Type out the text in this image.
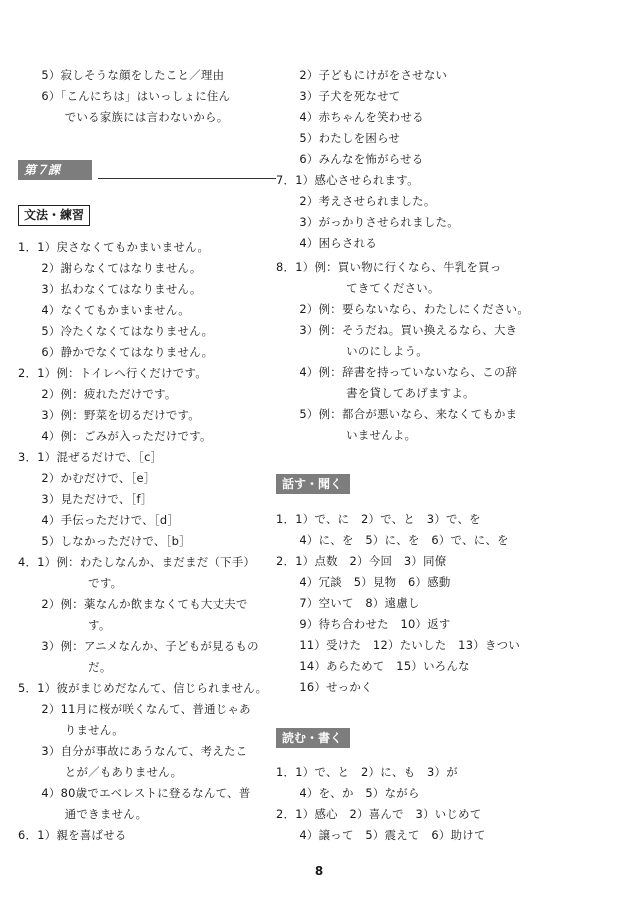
　　5）寂しそうな顔をしたこと／理由
　　6）「こんにちは」はいっしょに住ん
　　　　でいる家族には言わないから。
第７課
文法・練習
1．1）戻さなくてもかまいません。
　　2）謝らなくてはなりません。
　　3）払わなくてはなりません。
　　4）なくてもかまいません。
　　5）冷たくなくてはなりません。
　　6）静かでなくてはなりません。
2．1）例：トイレへ行くだけです。
　　2）例：疲れただけです。
　　3）例：野菜を切るだけです。
　　4）例：ごみが入っただけです。
3．1）混ぜるだけで、［c］
　　2）かむだけで、［e］
　　3）見ただけで、［f］
　　4）手伝っただけで、［d］
　　5）しなかっただけで、［b］
4．1）例：わたしなんか、まだまだ（下手）
　　　　　　です。
　　2）例：薬なんか飲まなくても大丈夫で
　　　　　　す。
　　3）例：アニメなんか、子どもが見るもの
　　　　　　だ。
5．1）彼がまじめだなんて、信じられません。
　　2）11月に桜が咲くなんて、普通じゃあ
　　　　りません。
　　3）自分が事故にあうなんて、考えたこ
　　　　とが／もありません。
　　4）80歳でエベレストに登るなんて、普
　　　　通できません。
6．1）親を喜ばせる
　　2）子どもにけがをさせない
　　3）子犬を死なせて
　　4）赤ちゃんを笑わせる
　　5）わたしを困らせ
　　6）みんなを怖がらせる
7．1）感心させられます。
　　2）考えさせられました。
　　3）がっかりさせられました。
　　4）困らされる
8．1）例：買い物に行くなら、牛乳を買っ
　　　　　　てきてください。
　　2）例：要らないなら、わたしにください。
　　3）例：そうだね。買い換えるなら、大き
　　　　　　いのにしよう。
　　4）例：辞書を持っていないなら、この辞
　　　　　　書を貸してあげますよ。
　　5）例：都合が悪いなら、来なくてもかま
　　　　　　いませんよ。
話す・聞く
1．1）で、に　2）で、と　3）で、を
　　4）に、を　5）に、を　6）で、に、を
2．1）点数　2）今回　3）同僚
　　4）冗談　5）見物　6）感動
　　7）空いて　8）遠慮し
　　9）待ち合わせた　10）返す
　　11）受けた　12）たいした　13）きつい
　　14）あらためて　15）いろんな
　　16）せっかく
読む・書く
1．1）で、と　2）に、も　3）が
　　4）を、か　5）ながら
2．1）感心　2）喜んで　3）いじめて
　　4）譲って　5）震えて　6）助けて
8
